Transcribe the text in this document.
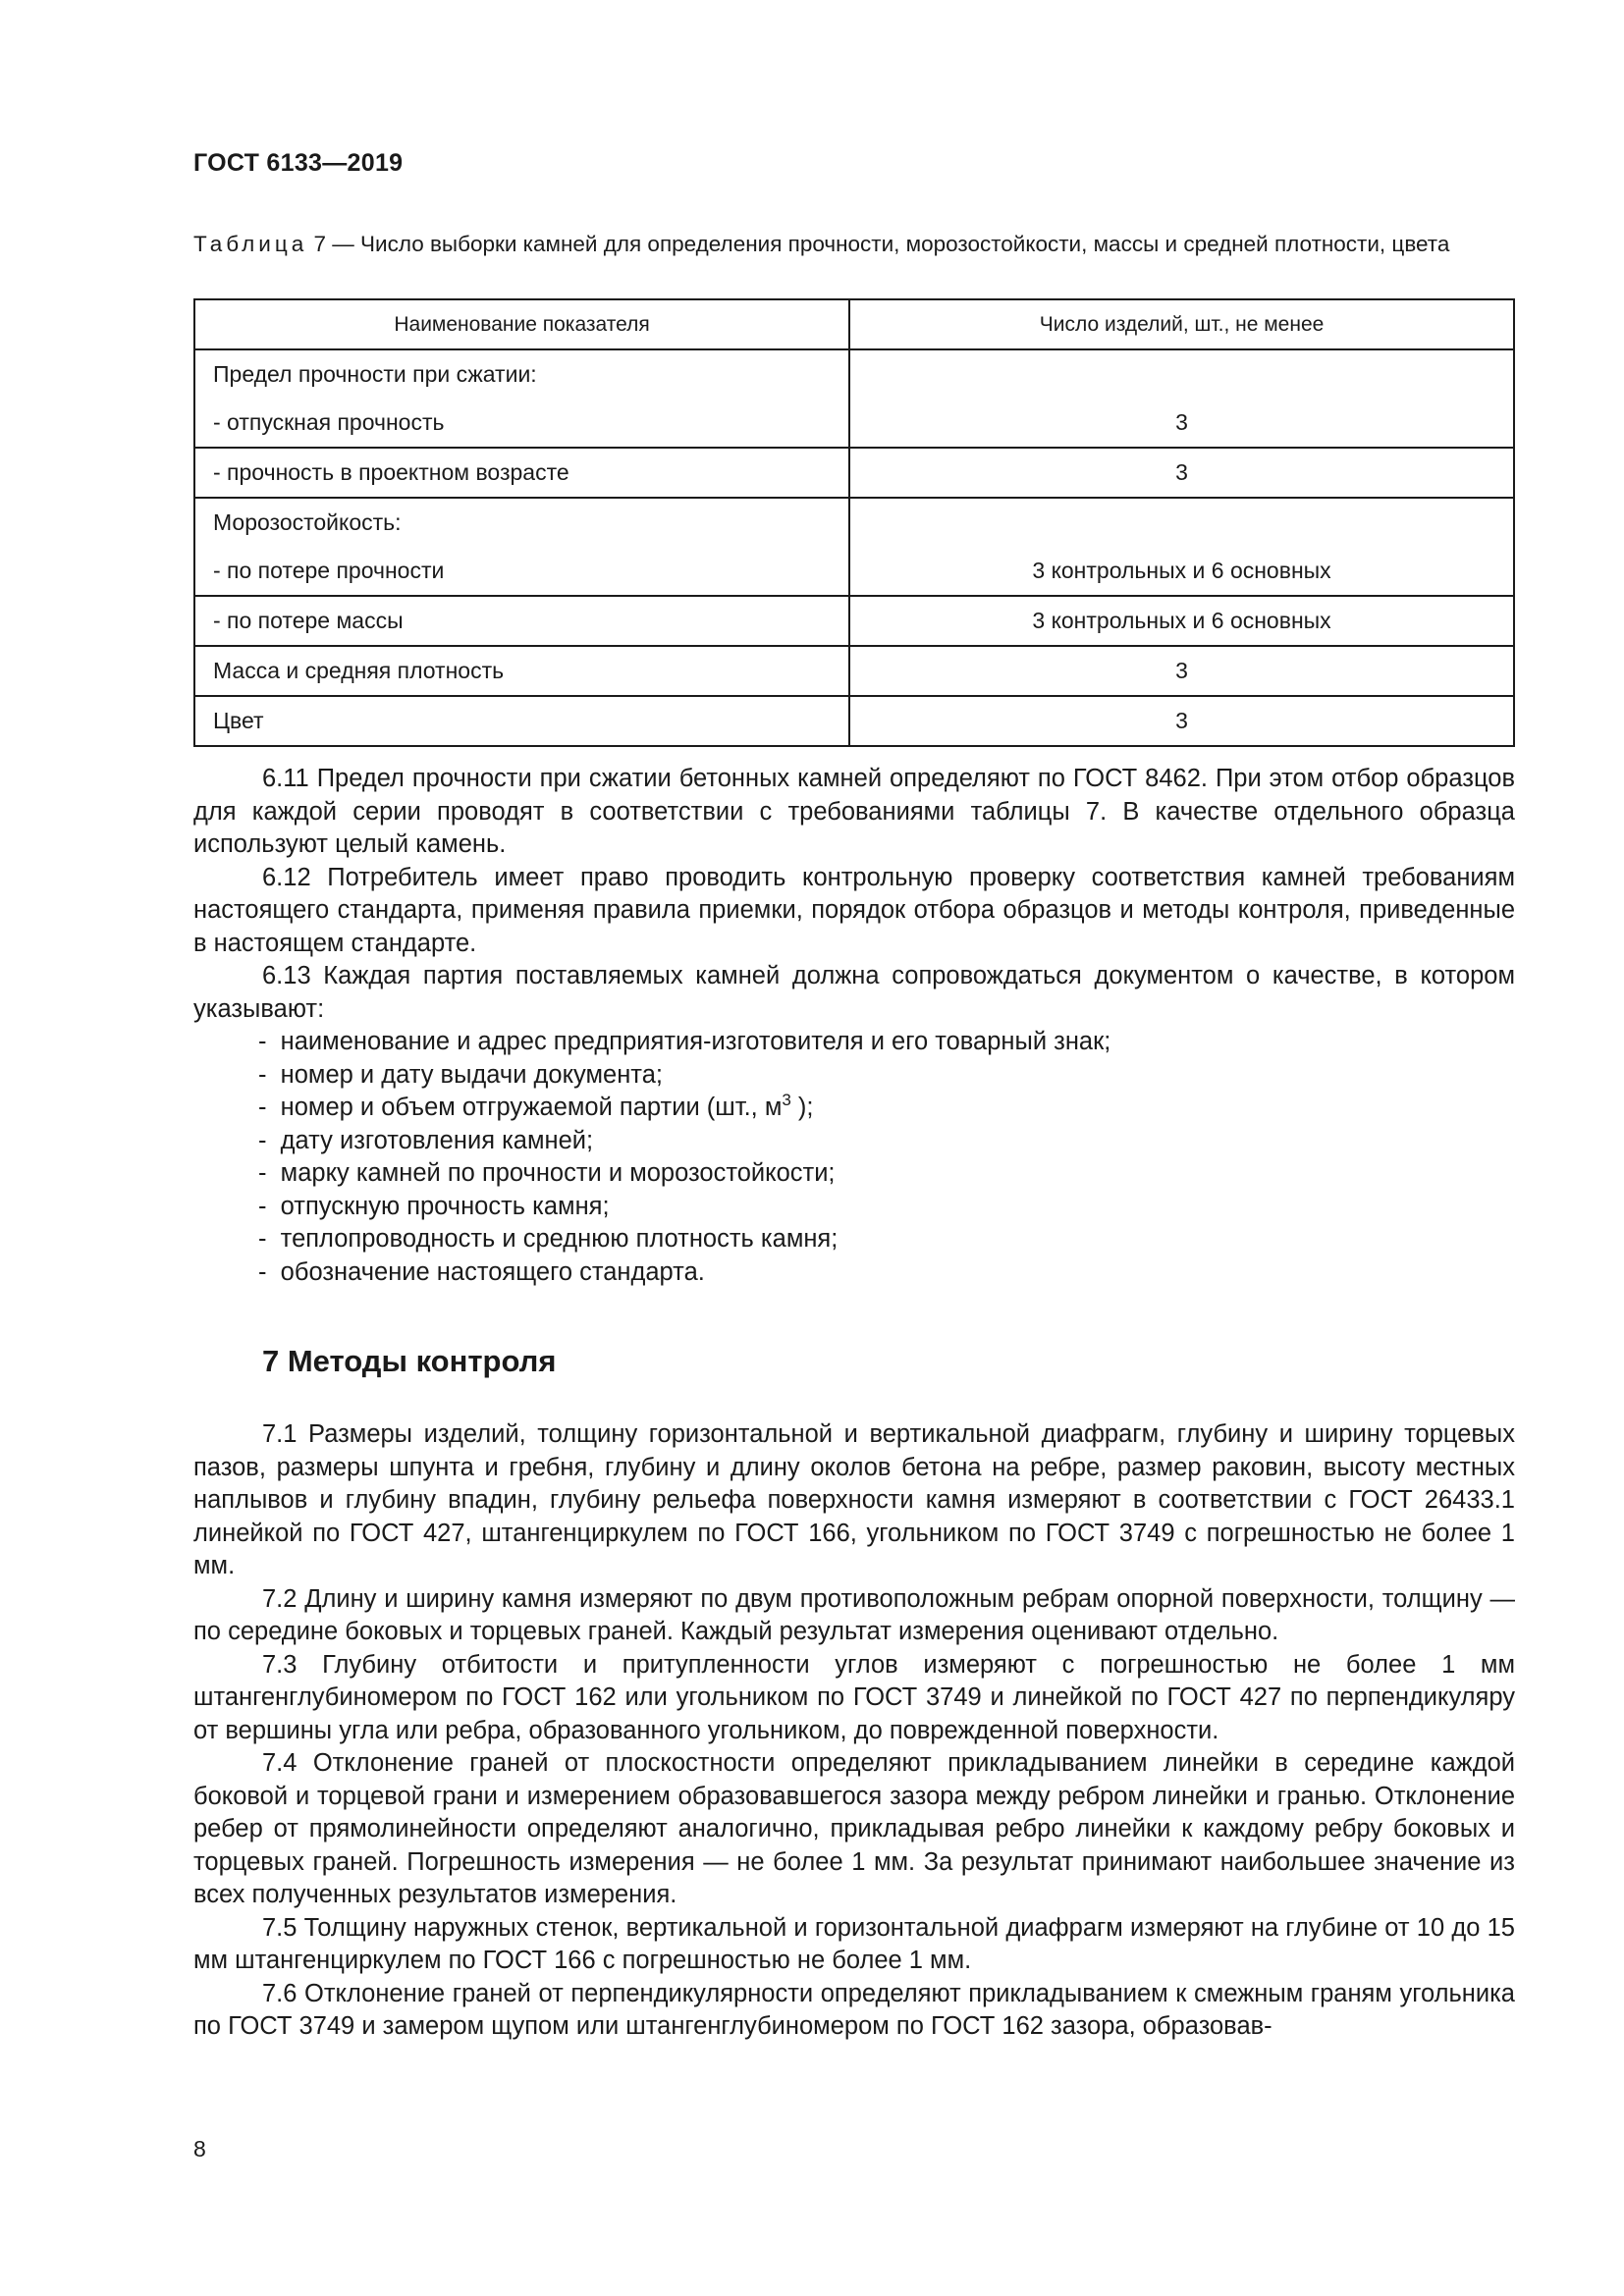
ГОСТ 6133—2019
Таблица 7 — Число выборки камней для определения прочности, морозостойкости, массы и средней плотности, цвета
Наименование показателя	Число изделий, шт., не менее

Предел прочности при сжатии:
- отпускная прочность	3

- прочность в проектном возрасте	3

Морозостойкость:
- по потере прочности	3 контрольных и 6 основных

- по потере массы	3 контрольных и 6 основных

Масса и средняя плотность	3

Цвет	3

6.11 Предел прочности при сжатии бетонных камней определяют по ГОСТ 8462. При этом отбор образцов для каждой серии проводят в соответствии с требованиями таблицы 7. В качестве отдельного образца используют целый камень.

6.12 Потребитель имеет право проводить контрольную проверку соответствия камней требованиям настоящего стандарта, применяя правила приемки, порядок отбора образцов и методы контроля, приведенные в настоящем стандарте.

6.13 Каждая партия поставляемых камней должна сопровождаться документом о качестве, в котором указывают:

- наименование и адрес предприятия-изготовителя и его товарный знак;
- номер и дату выдачи документа;
- номер и объем отгружаемой партии (шт., $м^3$ );
- дату изготовления камней;
- марку камней по прочности и морозостойкости;
- отпускную прочность камня;
- теплопроводность и среднюю плотность камня;
- обозначение настоящего стандарта.
7 Методы контроля

7.1 Размеры изделий, толщину горизонтальной и вертикальной диафрагм, глубину и ширину торцевых пазов, размеры шпунта и гребня, глубину и длину околов бетона на ребре, размер раковин, высоту местных наплывов и глубину впадин, глубину рельефа поверхности камня измеряют в соответствии с ГОСТ 26433.1 линейкой по ГОСТ 427, штангенциркулем по ГОСТ 166, угольником по ГОСТ 3749 с погрешностью не более 1 мм.

7.2 Длину и ширину камня измеряют по двум противоположным ребрам опорной поверхности, толщину — по середине боковых и торцевых граней. Каждый результат измерения оценивают отдельно.

7.3 Глубину отбитости и притупленности углов измеряют с погрешностью не более 1 мм штангенглубиномером по ГОСТ 162 или угольником по ГОСТ 3749 и линейкой по ГОСТ 427 по перпендикуляру от вершины угла или ребра, образованного угольником, до поврежденной поверхности.

7.4 Отклонение граней от плоскостности определяют прикладыванием линейки в середине каждой боковой и торцевой грани и измерением образовавшегося зазора между ребром линейки и гранью. Отклонение ребер от прямолинейности определяют аналогично, прикладывая ребро линейки к каждому ребру боковых и торцевых граней. Погрешность измерения — не более 1 мм. За результат принимают наибольшее значение из всех полученных результатов измерения.

7.5 Толщину наружных стенок, вертикальной и горизонтальной диафрагм измеряют на глубине от 10 до 15 мм штангенциркулем по ГОСТ 166 с погрешностью не более 1 мм.

7.6 Отклонение граней от перпендикулярности определяют прикладыванием к смежным граням угольника по ГОСТ 3749 и замером щупом или штангенглубиномером по ГОСТ 162 зазора, образовав-

8
